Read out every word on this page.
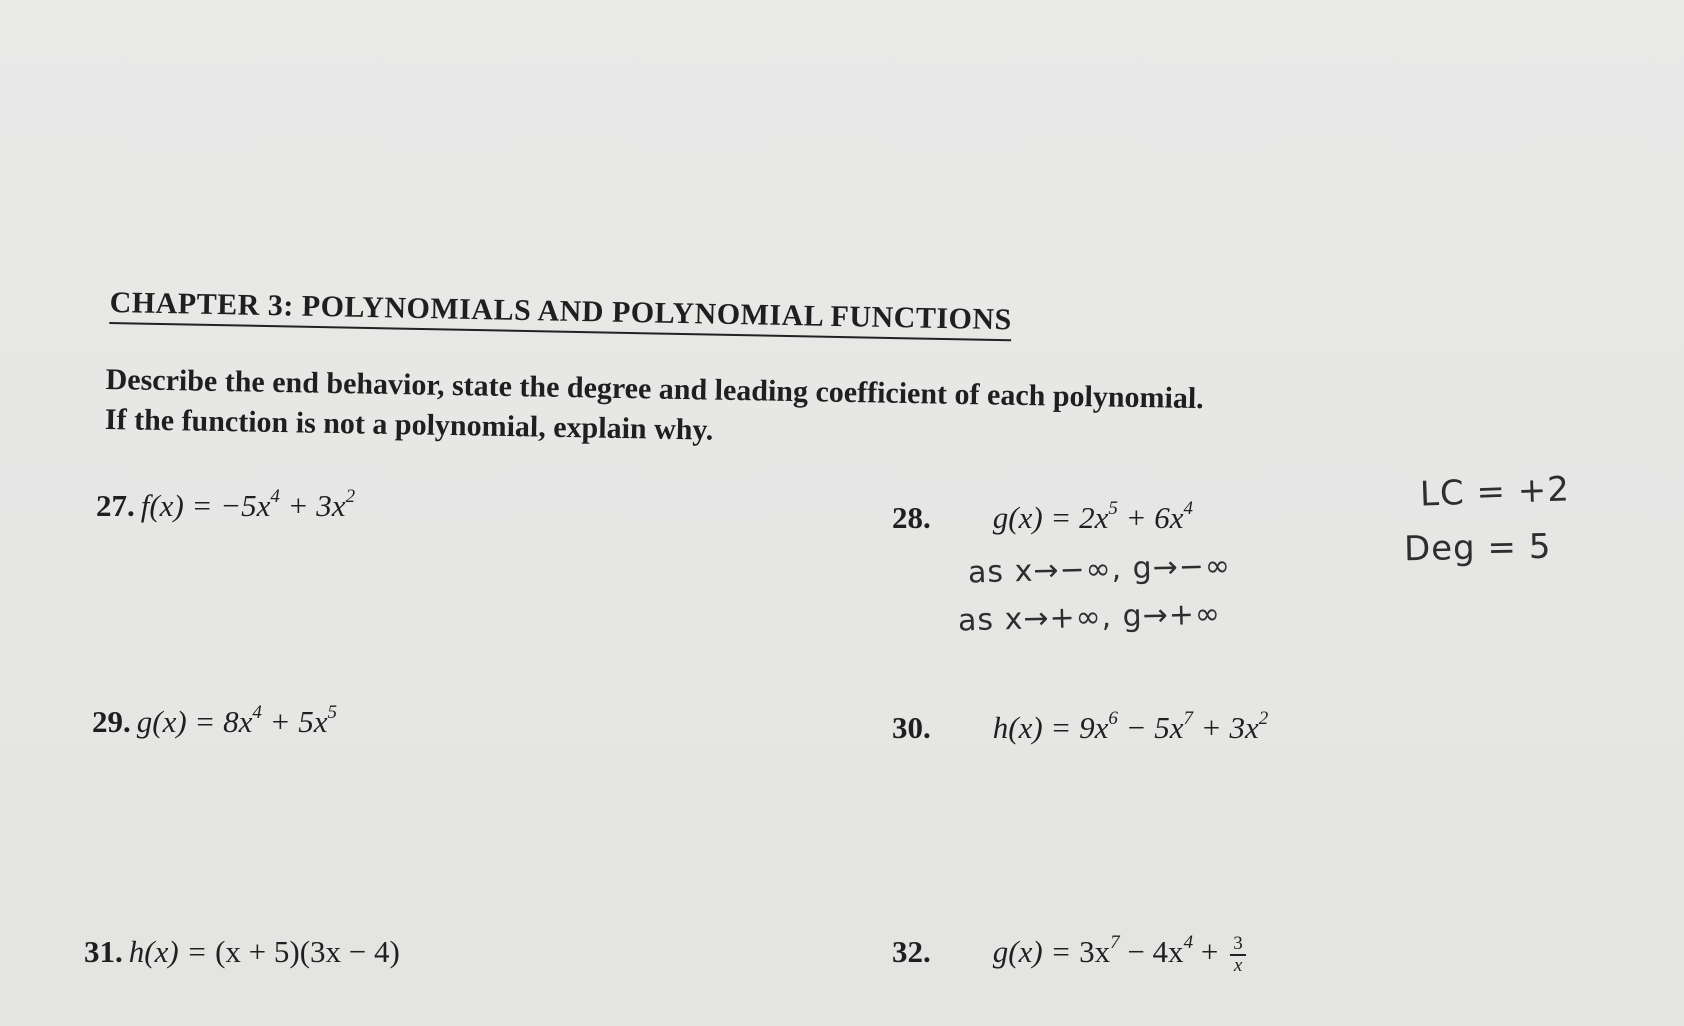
CHAPTER 3: POLYNOMIALS AND POLYNOMIAL FUNCTIONS
Describe the end behavior, state the degree and leading coefficient of each polynomial.
If the function is not a polynomial, explain why.
27. $f(x) = -5x^4 + 3x^2$
28. $g(x) = 2x^5 + 6x^4$
29. $g(x) = 8x^4 + 5x^5$	30. $h(x) = 9x^6 - 5x^7 + 3x^2$
31. h(x) = (x + 5)(3x − 4)	32. $g(x) = 3x^7 - 4x^4 + \frac{3}{x}$
LC = +2
Deg = 5
as x→−∞, g→−∞
as x→+∞, g→+∞
